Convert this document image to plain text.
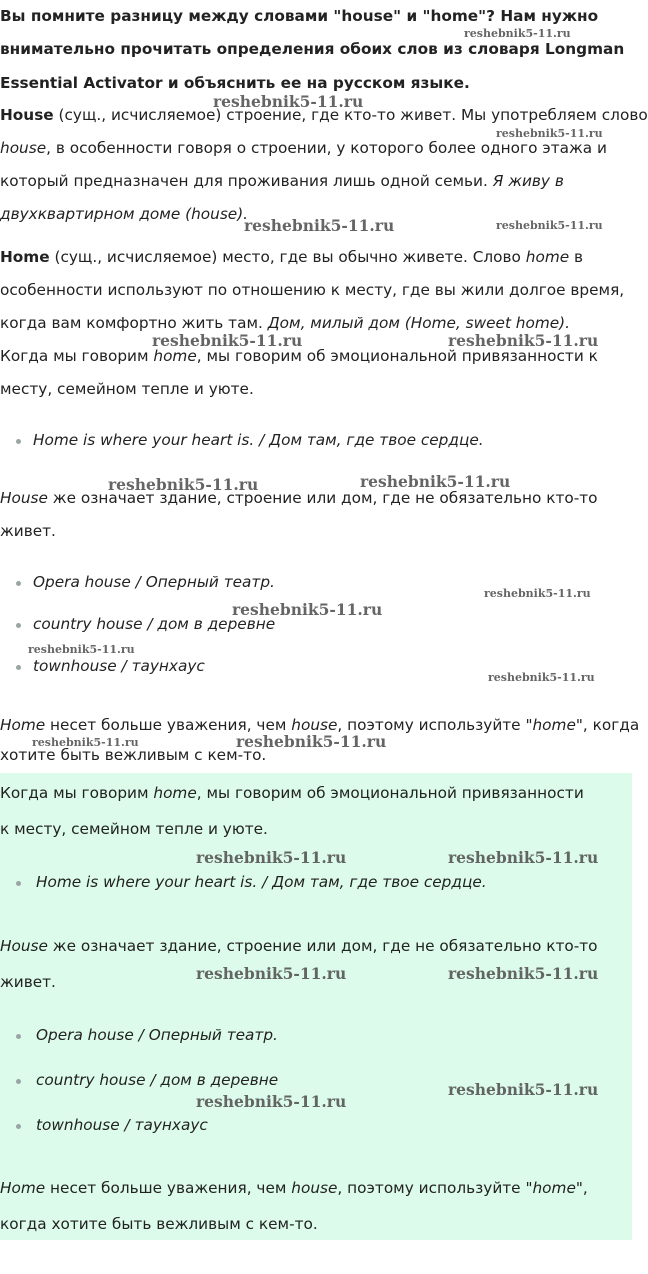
Вы помните разницу между словами "house" и "home"? Нам нужно
внимательно прочитать определения обоих слов из словаря Longman
Essential Activator и объяснить ее на русском языке.
House (сущ., исчисляемое) строение, где кто-то живет. Мы употребляем слово
house, в особенности говоря о строении, у которого более одного этажа и
который предназначен для проживания лишь одной семьи. Я живу в
двухквартирном доме (house).
Home (сущ., исчисляемое) место, где вы обычно живете. Слово home в
особенности используют по отношению к месту, где вы жили долгое время,
когда вам комфортно жить там. Дом, милый дом (Home, sweet home).
Когда мы говорим home, мы говорим об эмоциональной привязанности к
месту, семейном тепле и уюте.
Home is where your heart is. / Дом там, где твое сердце.
House же означает здание, строение или дом, где не обязательно кто-то
живет.
Opera house / Оперный театр.
country house / дом в деревне
townhouse / таунхаус
Home несет больше уважения, чем house, поэтому используйте "home", когда
хотите быть вежливым с кем-то.
Когда мы говорим home, мы говорим об эмоциональной привязанности
к месту, семейном тепле и уюте.
Home is where your heart is. / Дом там, где твое сердце.
House же означает здание, строение или дом, где не обязательно кто-то
живет.
Opera house / Оперный театр.
country house / дом в деревне
townhouse / таунхаус
Home несет больше уважения, чем house, поэтому используйте "home",
когда хотите быть вежливым с кем-то.
reshebnik5-11.ru
reshebnik5-11.ru
reshebnik5-11.ru
reshebnik5-11.ru	reshebnik5-11.ru
reshebnik5-11.ru	reshebnik5-11.ru
reshebnik5-11.ru	reshebnik5-11.ru
reshebnik5-11.ru
reshebnik5-11.ru
reshebnik5-11.ru
reshebnik5-11.ru
reshebnik5-11.ru	reshebnik5-11.ru
reshebnik5-11.ru	reshebnik5-11.ru
reshebnik5-11.ru	reshebnik5-11.ru
reshebnik5-11.ru
reshebnik5-11.ru
